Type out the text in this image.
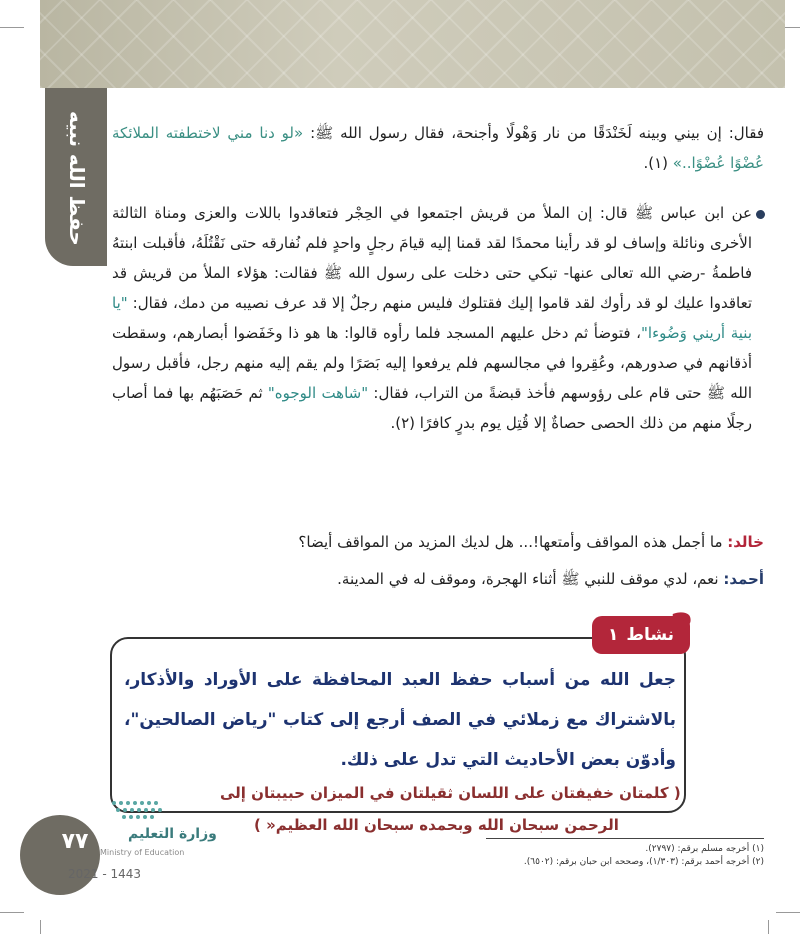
حفظ الله نبيه ﷺ
فقال: إن بيني وبينه لَخَنْدَقًا من نار وَهْولًا وأجنحة، فقال رسول الله ﷺ: «لو دنا مني لاختطفته الملائكة عُضْوًا عُضْوًا..» (١).
عن ابن عباس ﷺ قال: إن الملأ من قريش اجتمعوا في الحِجْر فتعاقدوا باللات والعزى ومناة الثالثة الأخرى ونائلة وإساف لو قد رأينا محمدًا لقد قمنا إليه قيامَ رجلٍ واحدٍ فلم نُفارقه حتى نَقْتُلَهُ، فأقبلت ابنتهُ فاطمةُ -رضي الله تعالى عنها- تبكي حتى دخلت على رسول الله ﷺ فقالت: هؤلاء الملأ من قريش قد تعاقدوا عليك لو قد رأوك لقد قاموا إليك فقتلوك فليس منهم رجلٌ إلا قد عرف نصيبه من دمك، فقال: "يا بنية أريني وَضُوءا"، فتوضأ ثم دخل عليهم المسجد فلما رأوه قالوا: ها هو ذا وخَفَضوا أبصارهم، وسقطت أذقانهم في صدورهم، وعُقِروا في مجالسهم فلم يرفعوا إليه بَصَرًا ولم يقم إليه منهم رجل، فأقبل رسول الله ﷺ حتى قام على رؤوسهم فأخذ قبضةً من التراب، فقال: "شاهت الوجوه" ثم حَصَبَهُم بها فما أصاب رجلًا منهم من ذلك الحصى حصاةٌ إلا قُتِل يوم بدرٍ كافرًا (٢).
خالد: ما أجمل هذه المواقف وأمتعها!... هل لديك المزيد من المواقف أيضا؟
أحمد: نعم، لدي موقف للنبي ﷺ أثناء الهجرة، وموقف له في المدينة.
نشاط
١ ?
جعل الله من أسباب حفظ العبد المحافظة على الأوراد والأذكار، بالاشتراك مع زملائي في الصف أرجع إلى كتاب "رياض الصالحين"، وأدوّن بعض الأحاديث التي تدل على ذلك.
( كلمتان خفيفتان على اللسان ثقيلتان في الميزان حبيبتان إلى
الرحمن سبحان الله وبحمده سبحان الله العظيم« )
(١) أخرجه مسلم برقم: (٢٧٩٧).
(٢) أخرجه أحمد برقم: (١/٣٠٣)، وصححه ابن حبان برقم: (٦٥٠٢).
٧٧	وزارة التعليم
Ministry of Education
2021 - 1443
